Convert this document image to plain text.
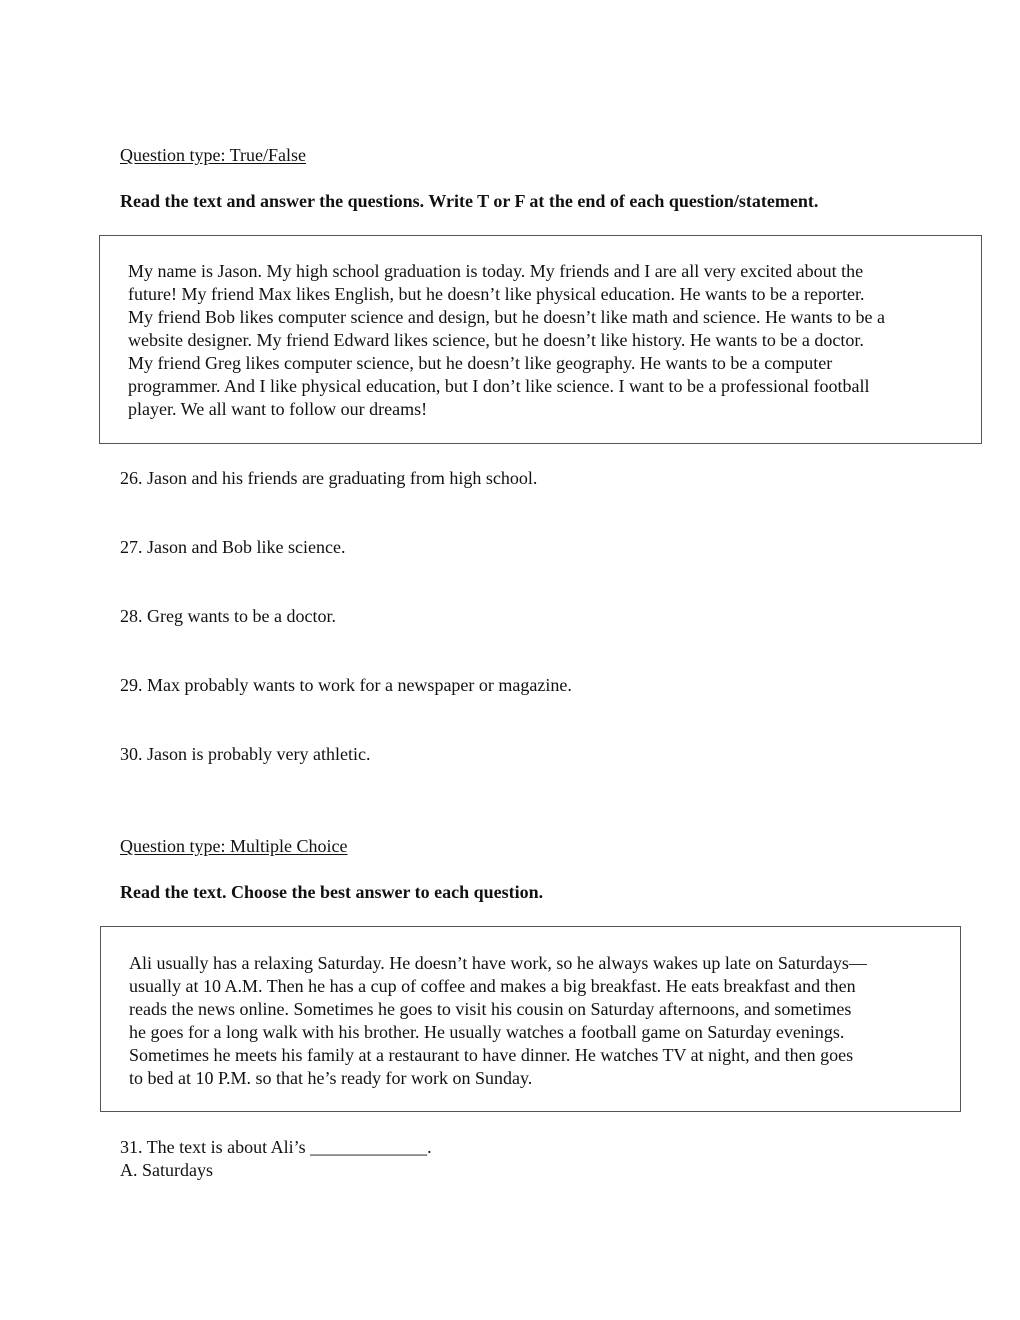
Question type: True/False
Read the text and answer the questions. Write T or F at the end of each question/statement.
My name is Jason. My high school graduation is today. My friends and I are all very excited about the
future! My friend Max likes English, but he doesn’t like physical education. He wants to be a reporter.
My friend Bob likes computer science and design, but he doesn’t like math and science. He wants to be a
website designer. My friend Edward likes science, but he doesn’t like history. He wants to be a doctor.
My friend Greg likes computer science, but he doesn’t like geography. He wants to be a computer
programmer. And I like physical education, but I don’t like science. I want to be a professional football
player. We all want to follow our dreams!
26. Jason and his friends are graduating from high school.
27. Jason and Bob like science.
28. Greg wants to be a doctor.
29. Max probably wants to work for a newspaper or magazine.
30. Jason is probably very athletic.
Question type: Multiple Choice
Read the text. Choose the best answer to each question.
Ali usually has a relaxing Saturday. He doesn’t have work, so he always wakes up late on Saturdays—
usually at 10 A.M. Then he has a cup of coffee and makes a big breakfast. He eats breakfast and then
reads the news online. Sometimes he goes to visit his cousin on Saturday afternoons, and sometimes
he goes for a long walk with his brother. He usually watches a football game on Saturday evenings.
Sometimes he meets his family at a restaurant to have dinner. He watches TV at night, and then goes
to bed at 10 P.M. so that he’s ready for work on Sunday.
31. The text is about Ali’s _____________.
A. Saturdays
